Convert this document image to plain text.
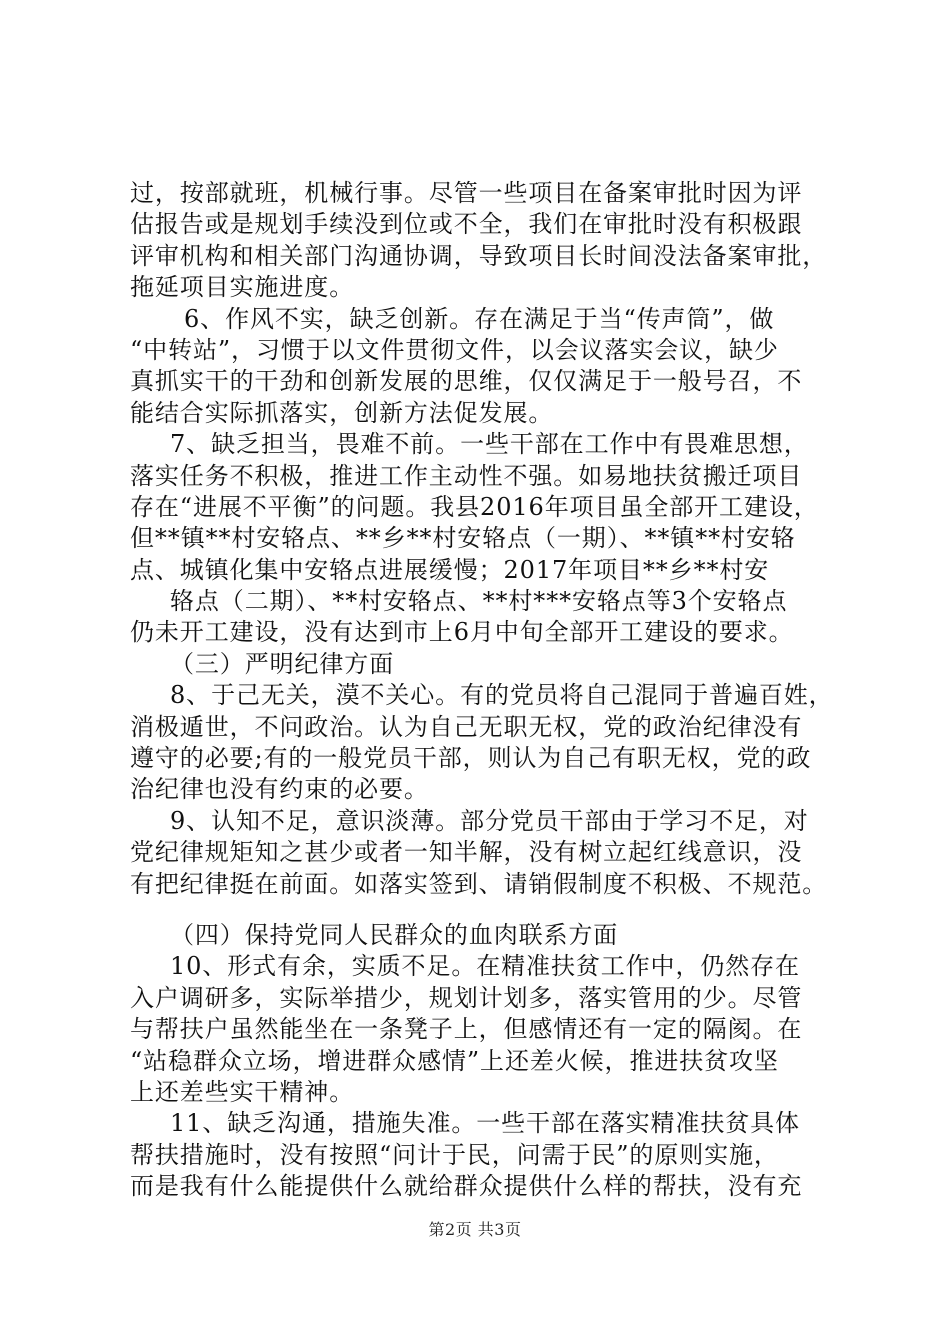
过，按部就班，机械行事。尽管一些项目在备案审批时因为评
估报告或是规划手续没到位或不全，我们在审批时没有积极跟
评审机构和相关部门沟通协调，导致项目长时间没法备案审批，
拖延项目实施进度。
6、作风不实，缺乏创新。存在满足于当“传声筒”，做
“中转站”，习惯于以文件贯彻文件，以会议落实会议，缺少
真抓实干的干劲和创新发展的思维，仅仅满足于一般号召，不
能结合实际抓落实，创新方法促发展。
7、缺乏担当，畏难不前。一些干部在工作中有畏难思想，
落实任务不积极，推进工作主动性不强。如易地扶贫搬迁项目
存在“进展不平衡”的问题。我县2016年项目虽全部开工建设，
但**镇**村安辂点、**乡**村安辂点（一期）、**镇**村安辂
点、城镇化集中安辂点进展缓慢；2017年项目**乡**村安
辂点（二期）、**村安辂点、**村***安辂点等3个安辂点
仍未开工建设，没有达到市上6月中旬全部开工建设的要求。
（三）严明纪律方面
8、于己无关，漠不关心。有的党员将自己混同于普遍百姓，
消极遁世，不问政治。认为自己无职无权，党的政治纪律没有
遵守的必要;有的一般党员干部，则认为自己有职无权，党的政
治纪律也没有约束的必要。
9、认知不足，意识淡薄。部分党员干部由于学习不足，对
党纪律规矩知之甚少或者一知半解，没有树立起红线意识，没
有把纪律挺在前面。如落实签到、请销假制度不积极、不规范。
（四）保持党同人民群众的血肉联系方面
10、形式有余，实质不足。在精准扶贫工作中，仍然存在
入户调研多，实际举措少，规划计划多，落实管用的少。尽管
与帮扶户虽然能坐在一条凳子上，但感情还有一定的隔阂。在
“站稳群众立场，增进群众感情”上还差火候，推进扶贫攻坚
上还差些实干精神。
11、缺乏沟通，措施失准。一些干部在落实精准扶贫具体
帮扶措施时，没有按照“问计于民，问需于民”的原则实施，
而是我有什么能提供什么就给群众提供什么样的帮扶，没有充
第2页 共3页
